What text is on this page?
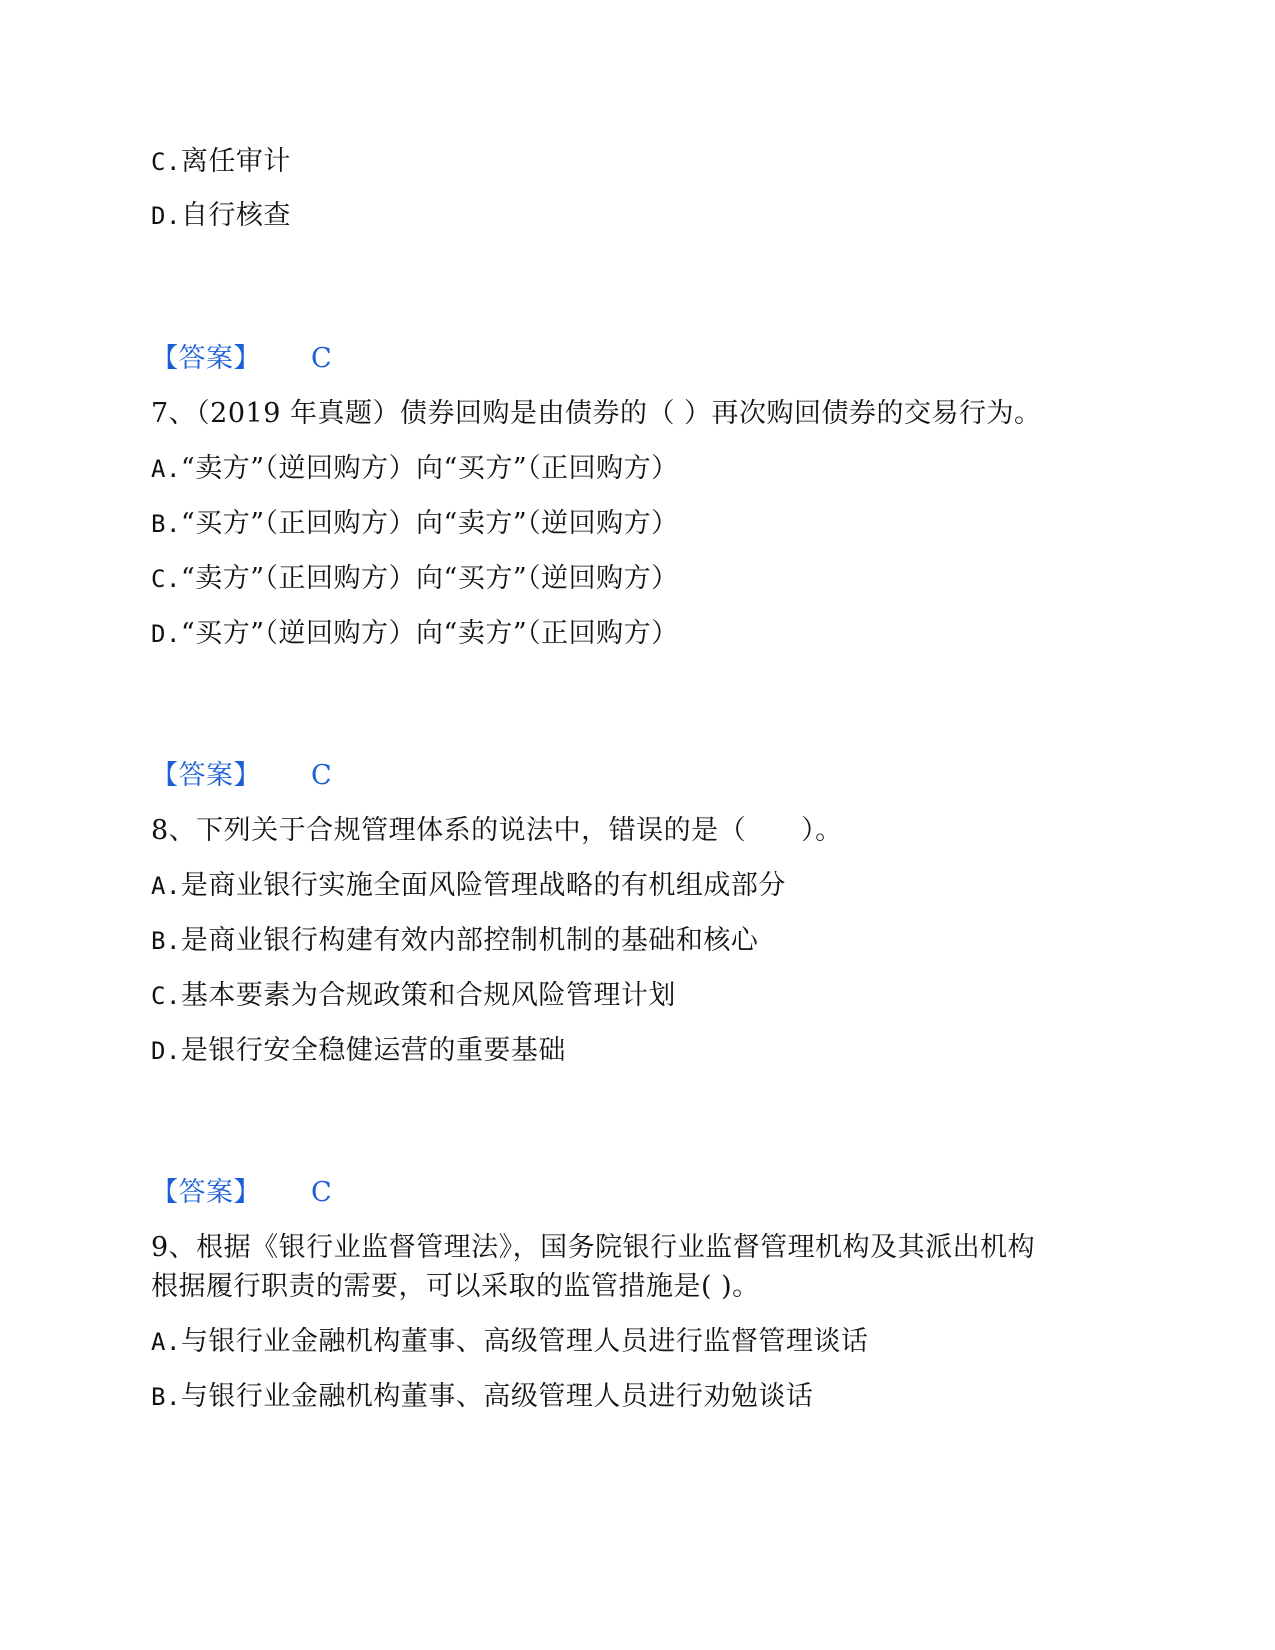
C.离任审计
D.自行核查
【答案】 C
7、（2019 年真题）债券回购是由债券的（ ）再次购回债券的交易行为。
A.“卖方”（逆回购方）向“买方”（正回购方）
B.“买方”（正回购方）向“卖方”（逆回购方）
C.“卖方”（正回购方）向“买方”（逆回购方）
D.“买方”（逆回购方）向“卖方”（正回购方）
【答案】 C
8、下列关于合规管理体系的说法中，错误的是（　　）。
A.是商业银行实施全面风险管理战略的有机组成部分
B.是商业银行构建有效内部控制机制的基础和核心
C.基本要素为合规政策和合规风险管理计划
D.是银行安全稳健运营的重要基础
【答案】 C
9、根据《银行业监督管理法》，国务院银行业监督管理机构及其派出机构
根据履行职责的需要，可以采取的监管措施是( )。
A.与银行业金融机构董事、高级管理人员进行监督管理谈话
B.与银行业金融机构董事、高级管理人员进行劝勉谈话
